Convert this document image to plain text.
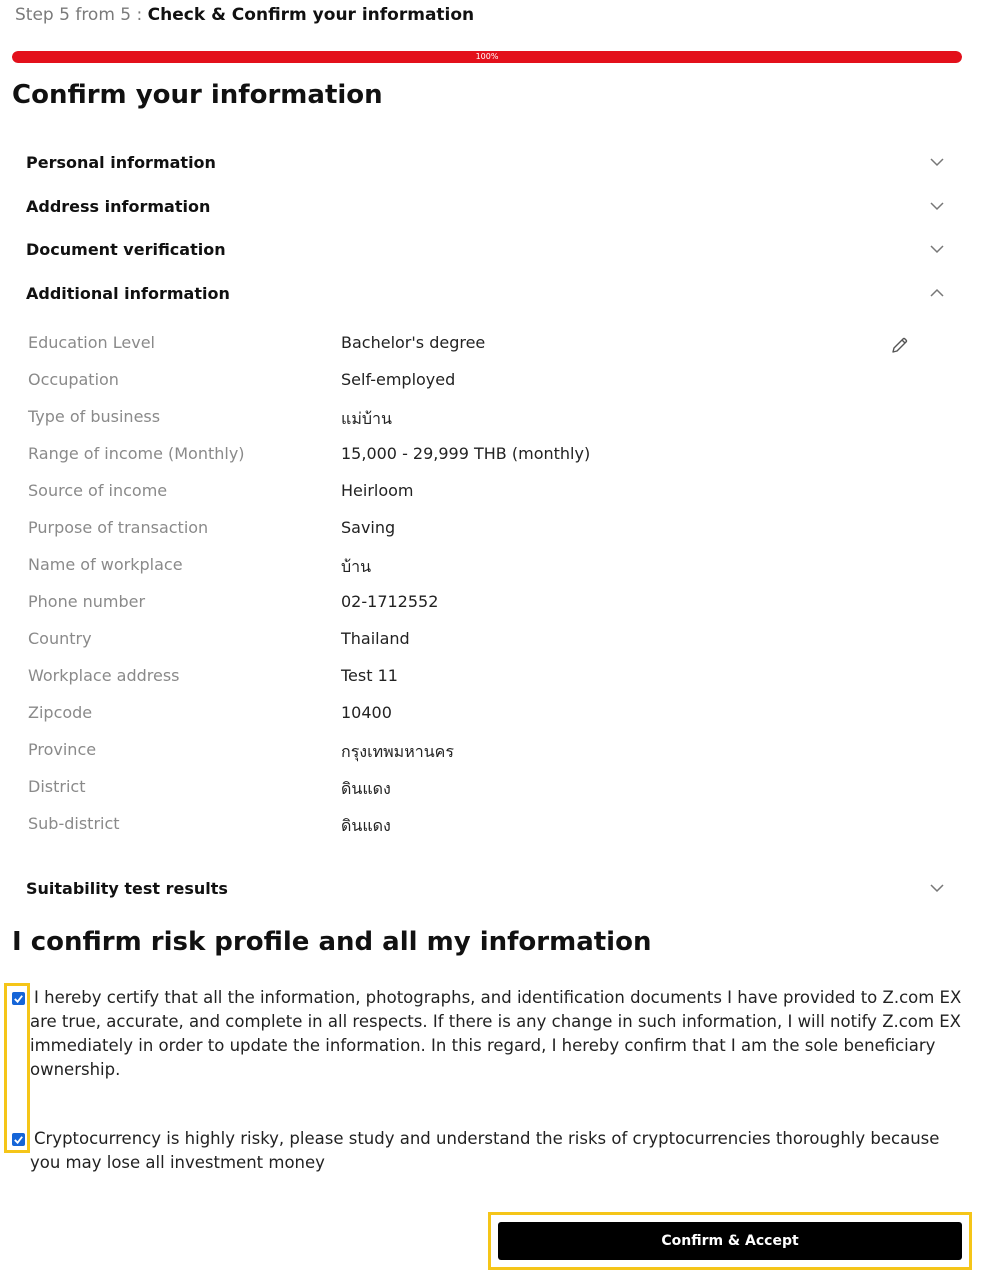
Step 5 from 5 : Check & Confirm your information
100%
Confirm your information
Personal information
Address information
Document verification
Additional information
Education Level	Bachelor's degree
Occupation	Self-employed
Type of business	แม่บ้าน
Range of income (Monthly)	15,000 - 29,999 THB (monthly)
Source of income	Heirloom
Purpose of transaction	Saving
Name of workplace	บ้าน
Phone number	02-1712552
Country	Thailand
Workplace address	Test 11
Zipcode	10400
Province	กรุงเทพมหานคร
District	ดินแดง
Sub-district	ดินแดง
Suitability test results
I confirm risk profile and all my information
I hereby certify that all the information, photographs, and identification documents I have provided to Z.com EX are true, accurate, and complete in all respects. If there is any change in such information, I will notify Z.com EX immediately in order to update the information. In this regard, I hereby confirm that I am the sole beneficiary ownership.
Cryptocurrency is highly risky, please study and understand the risks of cryptocurrencies thoroughly because you may lose all investment money
Confirm & Accept
